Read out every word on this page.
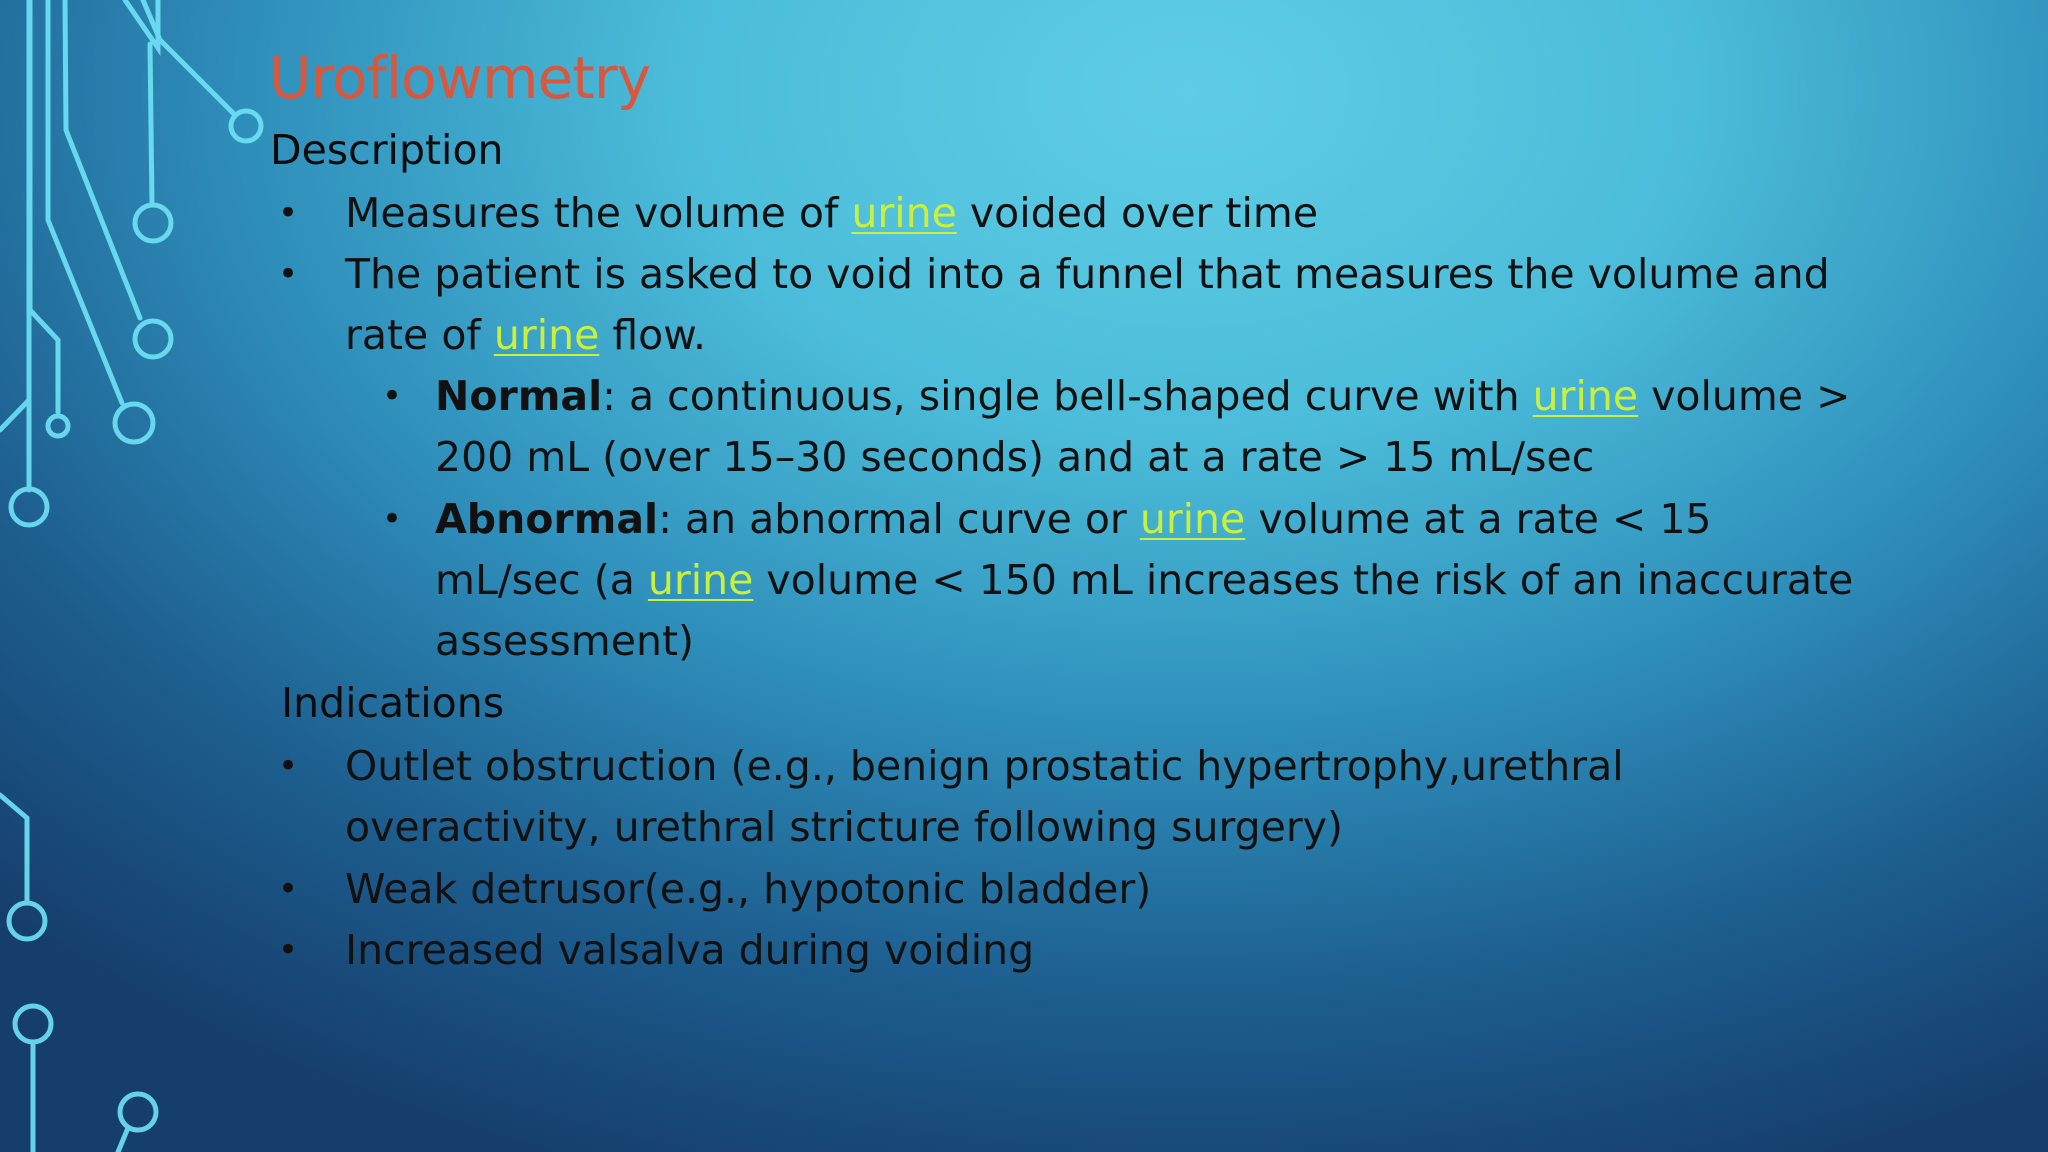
Uroflowmetry
Description
• Measures the volume of urine voided over time
• The patient is asked to void into a funnel that measures the volume and
rate of urine flow.
• Normal: a continuous, single bell-shaped curve with urine volume >
200 mL (over 15–30 seconds) and at a rate > 15 mL/sec
• Abnormal: an abnormal curve or urine volume at a rate < 15
mL/sec (a urine volume < 150 mL increases the risk of an inaccurate
assessment)
Indications
• Outlet obstruction (e.g., benign prostatic hypertrophy,urethral
overactivity, urethral stricture following surgery)
• Weak detrusor(e.g., hypotonic bladder)
• Increased valsalva during voiding
